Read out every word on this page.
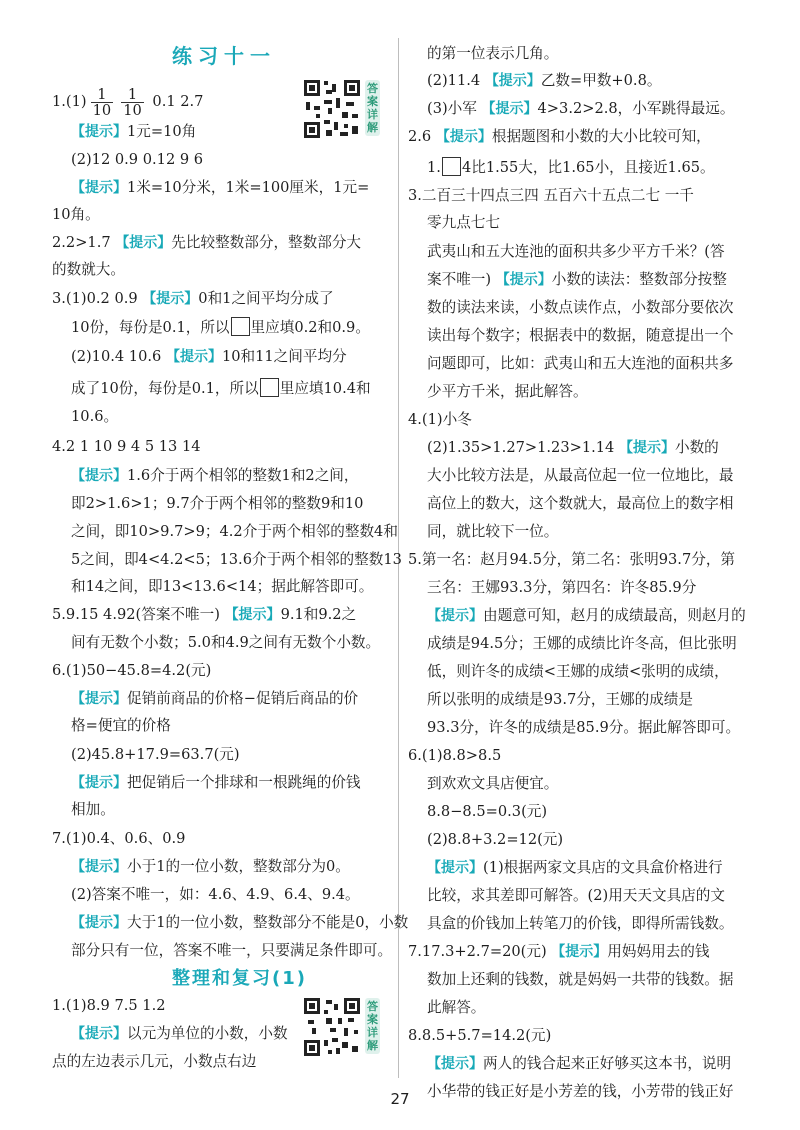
练习十一
答案详解
$1.(1) \frac{1}{10} \frac{1}{10} 0.1$ 2.7
【提示】1元=10角
(2)12 0.9 0.12 9 6
【提示】1米=10分米，1米=100厘米，1元=
10角。
2.2>1.7 【提示】先比较整数部分，整数部分大
的数就大。
3.(1)0.2 0.9 【提示】0和1之间平均分成了
10份，每份是0.1，所以 里应填0.2和0.9。
(2)10.4 10.6 【提示】10和11之间平均分
成了10份，每份是0.1，所以 里应填10.4和
10.6。
4.2 1 10 9 4 5 13 14
【提示】1.6介于两个相邻的整数1和2之间，
即2>1.6>1；9.7介于两个相邻的整数9和10
之间，即10>9.7>9；4.2介于两个相邻的整数4和
5之间，即4<4.2<5；13.6介于两个相邻的整数13
和14之间，即13<13.6<14；据此解答即可。
5.9.15 4.92(答案不唯一) 【提示】9.1和9.2之
间有无数个小数；5.0和4.9之间有无数个小数。
6.(1)50−45.8=4.2(元)
【提示】促销前商品的价格−促销后商品的价
格=便宜的价格
(2)45.8+17.9=63.7(元)
【提示】把促销后一个排球和一根跳绳的价钱
相加。
7.(1)0.4、0.6、0.9
【提示】小于1的一位小数，整数部分为0。
(2)答案不唯一，如：4.6、4.9、6.4、9.4。
【提示】大于1的一位小数，整数部分不能是0，小数
部分只有一位，答案不唯一，只要满足条件即可。
整理和复习(1)
答案详解
1.(1)8.9 7.5 1.2
【提示】以元为单位的小数，小数
点的左边表示几元，小数点右边
的第一位表示几角。
(2)11.4 【提示】乙数=甲数+0.8。
(3)小军 【提示】4>3.2>2.8，小军跳得最远。
2.6 【提示】根据题图和小数的大小比较可知，
1. 4比1.55大，比1.65小，且接近1.65。
3.二百三十四点三四 五百六十五点二七 一千
零九点七七
武夷山和五大连池的面积共多少平方千米？(答
案不唯一) 【提示】小数的读法：整数部分按整
数的读法来读，小数点读作点，小数部分要依次
读出每个数字；根据表中的数据，随意提出一个
问题即可，比如：武夷山和五大连池的面积共多
少平方千米，据此解答。
4.(1)小冬
(2)1.35>1.27>1.23>1.14 【提示】小数的
大小比较方法是，从最高位起一位一位地比，最
高位上的数大，这个数就大，最高位上的数字相
同，就比较下一位。
5.第一名：赵月94.5分，第二名：张明93.7分，第
三名：王娜93.3分，第四名：许冬85.9分
【提示】由题意可知，赵月的成绩最高，则赵月的
成绩是94.5分；王娜的成绩比许冬高，但比张明
低，则许冬的成绩<王娜的成绩<张明的成绩，
所以张明的成绩是93.7分，王娜的成绩是
93.3分，许冬的成绩是85.9分。据此解答即可。
6.(1)8.8>8.5
到欢欢文具店便宜。
8.8−8.5=0.3(元)
(2)8.8+3.2=12(元)
【提示】(1)根据两家文具店的文具盒价格进行
比较，求其差即可解答。(2)用天天文具店的文
具盒的价钱加上转笔刀的价钱，即得所需钱数。
7.17.3+2.7=20(元) 【提示】用妈妈用去的钱
数加上还剩的钱数，就是妈妈一共带的钱数。据
此解答。
8.8.5+5.7=14.2(元)
【提示】两人的钱合起来正好够买这本书，说明
小华带的钱正好是小芳差的钱，小芳带的钱正好
27
